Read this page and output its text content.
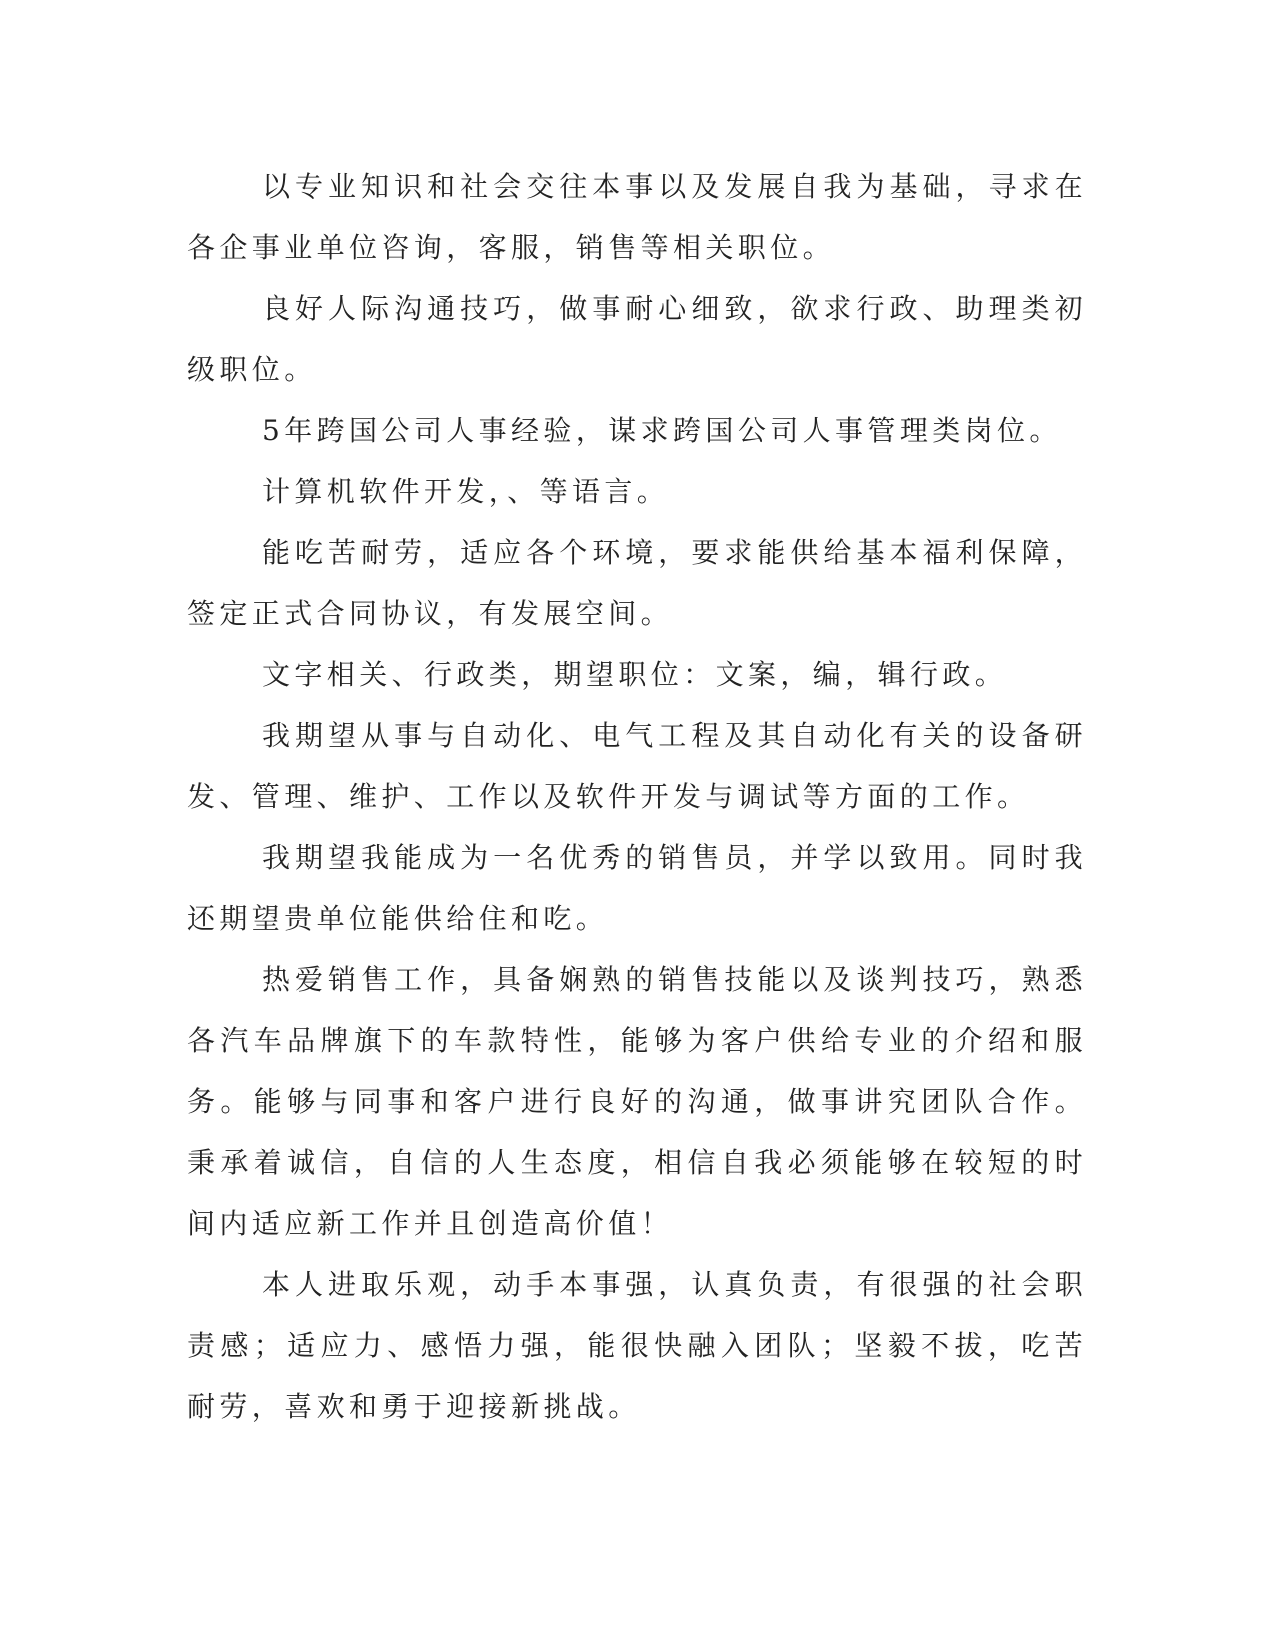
以专业知识和社会交往本事以及发展自我为基础，寻求在各企事业单位咨询，客服，销售等相关职位。

良好人际沟通技巧，做事耐心细致，欲求行政、助理类初级职位。

5年跨国公司人事经验，谋求跨国公司人事管理类岗位。

计算机软件开发，、等语言。

能吃苦耐劳，适应各个环境，要求能供给基本福利保障，签定正式合同协议，有发展空间。

文字相关、行政类，期望职位：文案，编，辑行政。

我期望从事与自动化、电气工程及其自动化有关的设备研发、管理、维护、工作以及软件开发与调试等方面的工作。

我期望我能成为一名优秀的销售员，并学以致用。同时我还期望贵单位能供给住和吃。

热爱销售工作，具备娴熟的销售技能以及谈判技巧，熟悉各汽车品牌旗下的车款特性，能够为客户供给专业的介绍和服务。能够与同事和客户进行良好的沟通，做事讲究团队合作。秉承着诚信，自信的人生态度，相信自我必须能够在较短的时间内适应新工作并且创造高价值！

本人进取乐观，动手本事强，认真负责，有很强的社会职责感；适应力、感悟力强，能很快融入团队；坚毅不拔，吃苦耐劳，喜欢和勇于迎接新挑战。
